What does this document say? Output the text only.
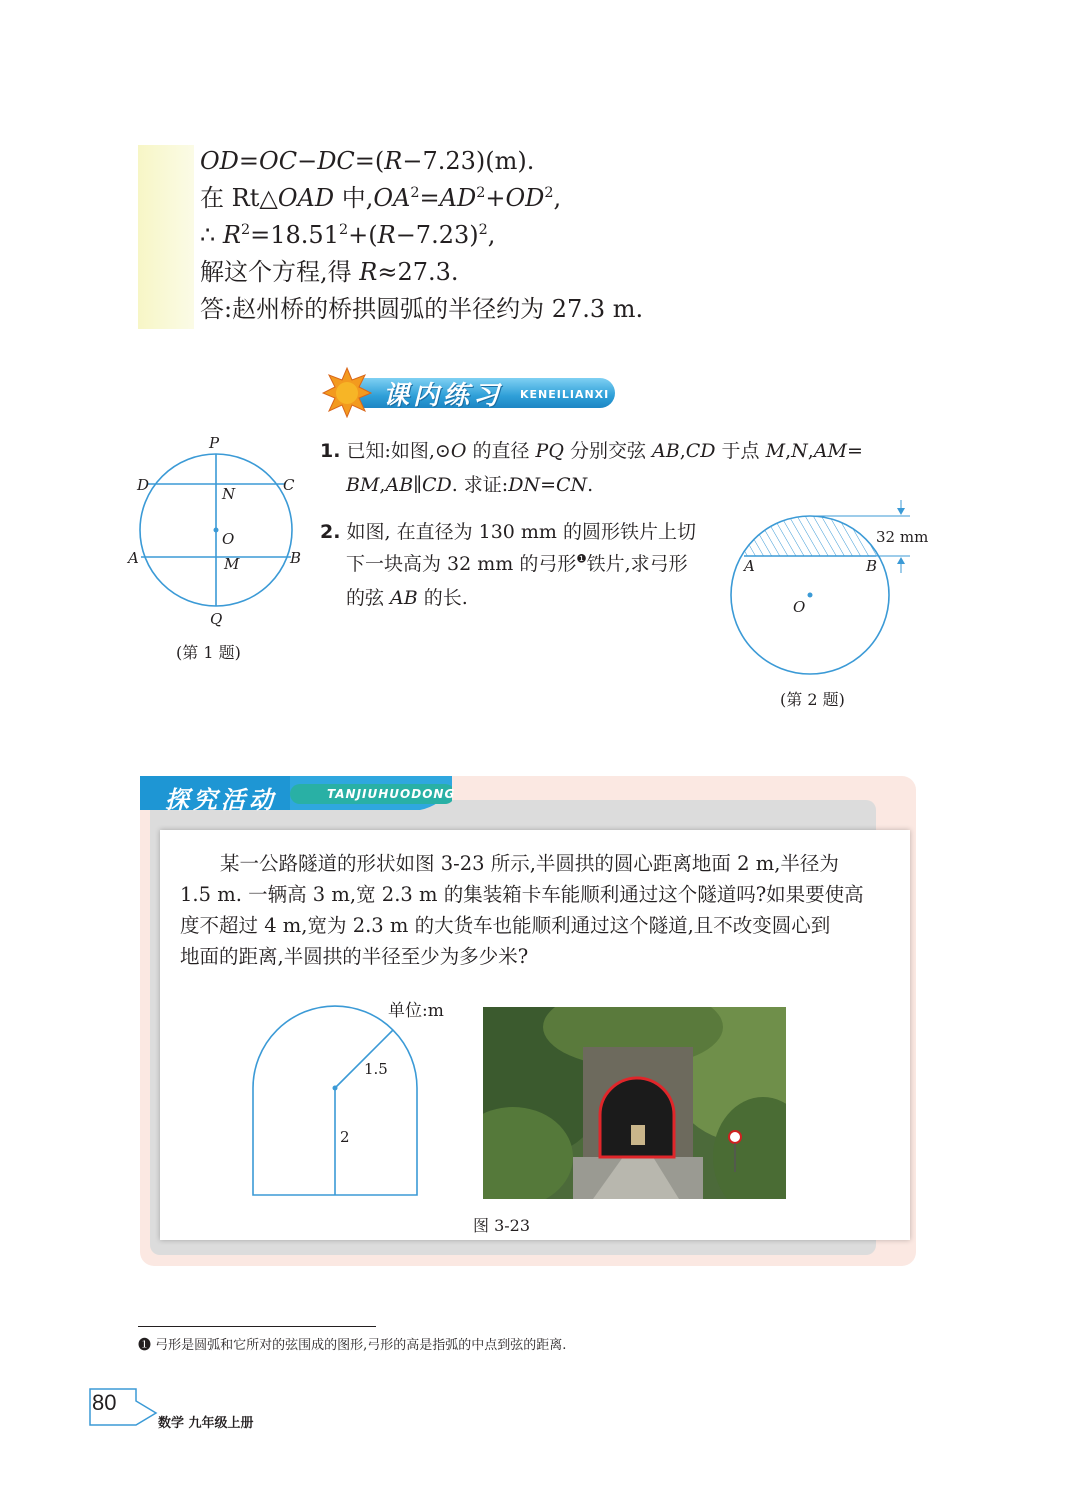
OD=OC−DC=(R−7.23)(m).
在 Rt△OAD 中$,OA^2=AD^2+OD^2$,
∴ $R^2=18.51^2+(R-7.23)^2$,
解这个方程,得 R≈27.3.
答:赵州桥的桥拱圆弧的半径约为 27.3 m.
课内练习 KENEILIANXI
P
D	C
N
O
A	M	B
Q
(第 1 题)
1. 已知:如图,⊙O 的直径 PQ 分别交弦 AB,CD 于点 M,N,AM=
BM,AB∥CD. 求证:DN=CN.
2. 如图, 在直径为 130 mm 的圆形铁片上切
下一块高为 32 mm 的弓形$^❶$铁片,求弓形
的弦 AB 的长.
32 mm
A	B
O
(第 2 题)
探究活动	TANJIUHUODONG
某一公路隧道的形状如图 3-23 所示,半圆拱的圆心距离地面 2 m,半径为
1.5 m. 一辆高 3 m,宽 2.3 m 的集装箱卡车能顺利通过这个隧道吗?如果要使高
度不超过 4 m,宽为 2.3 m 的大货车也能顺利通过这个隧道,且不改变圆心到
地面的距离,半圆拱的半径至少为多少米?
单位:m
1.5
2
图 3-23
❶ 弓形是圆弧和它所对的弦围成的图形,弓形的高是指弧的中点到弦的距离.
80
数学 九年级上册
